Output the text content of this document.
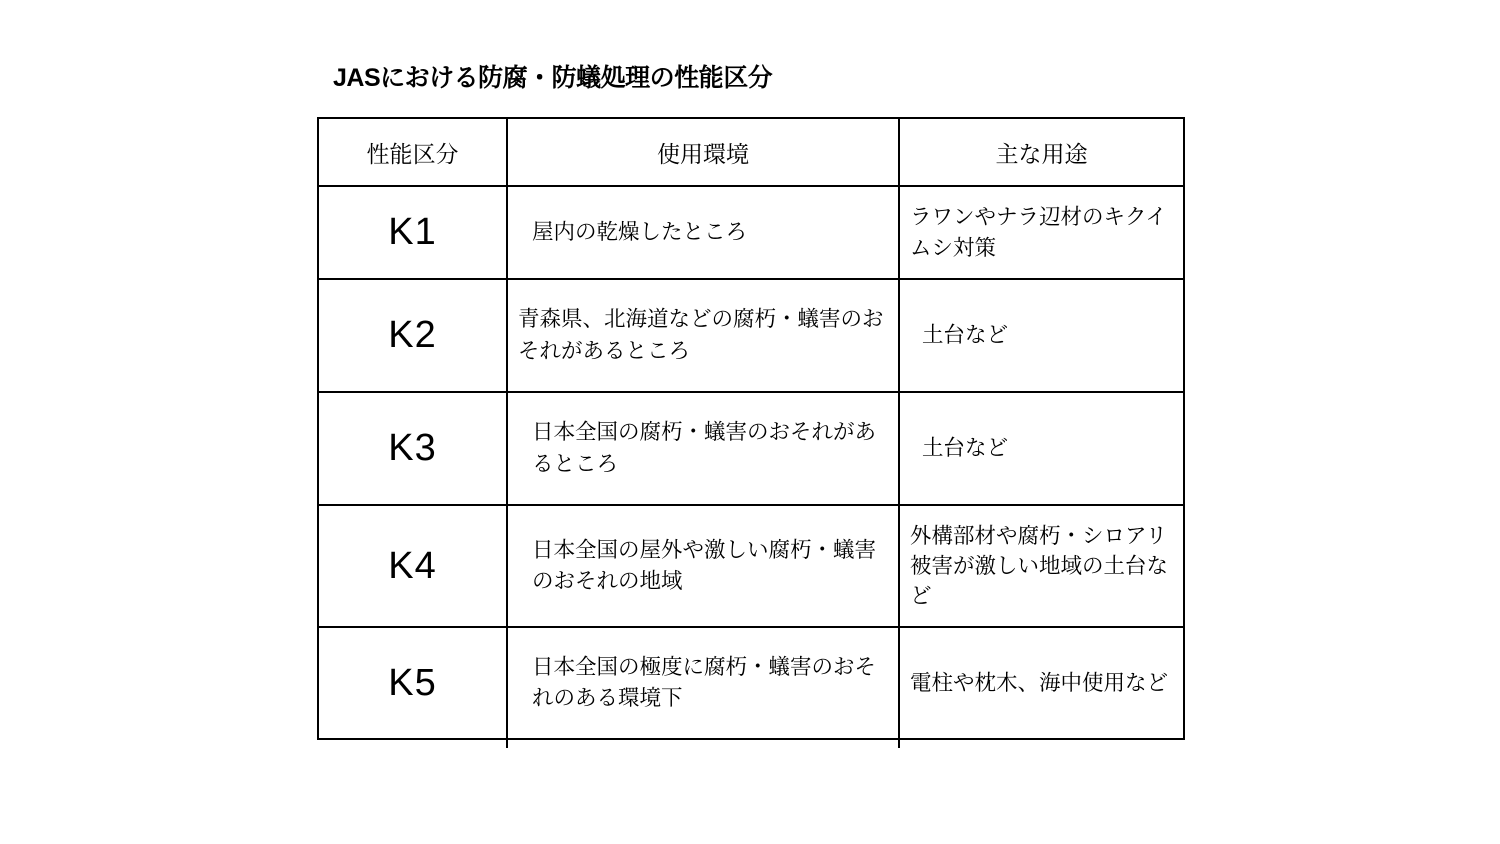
JASにおける防腐・防蟻処理の性能区分
性能区分	使用環境	主な用途
K1	屋内の乾燥したところ	ラワンやナラ辺材のキクイムシ対策
K2	青森県、北海道などの腐朽・蟻害のおそれがあるところ	土台など
K3	日本全国の腐朽・蟻害のおそれがあるところ	土台など
K4	日本全国の屋外や激しい腐朽・蟻害のおそれの地域	外構部材や腐朽・シロアリ被害が激しい地域の土台など
K5	日本全国の極度に腐朽・蟻害のおそれのある環境下	電柱や枕木、海中使用など
